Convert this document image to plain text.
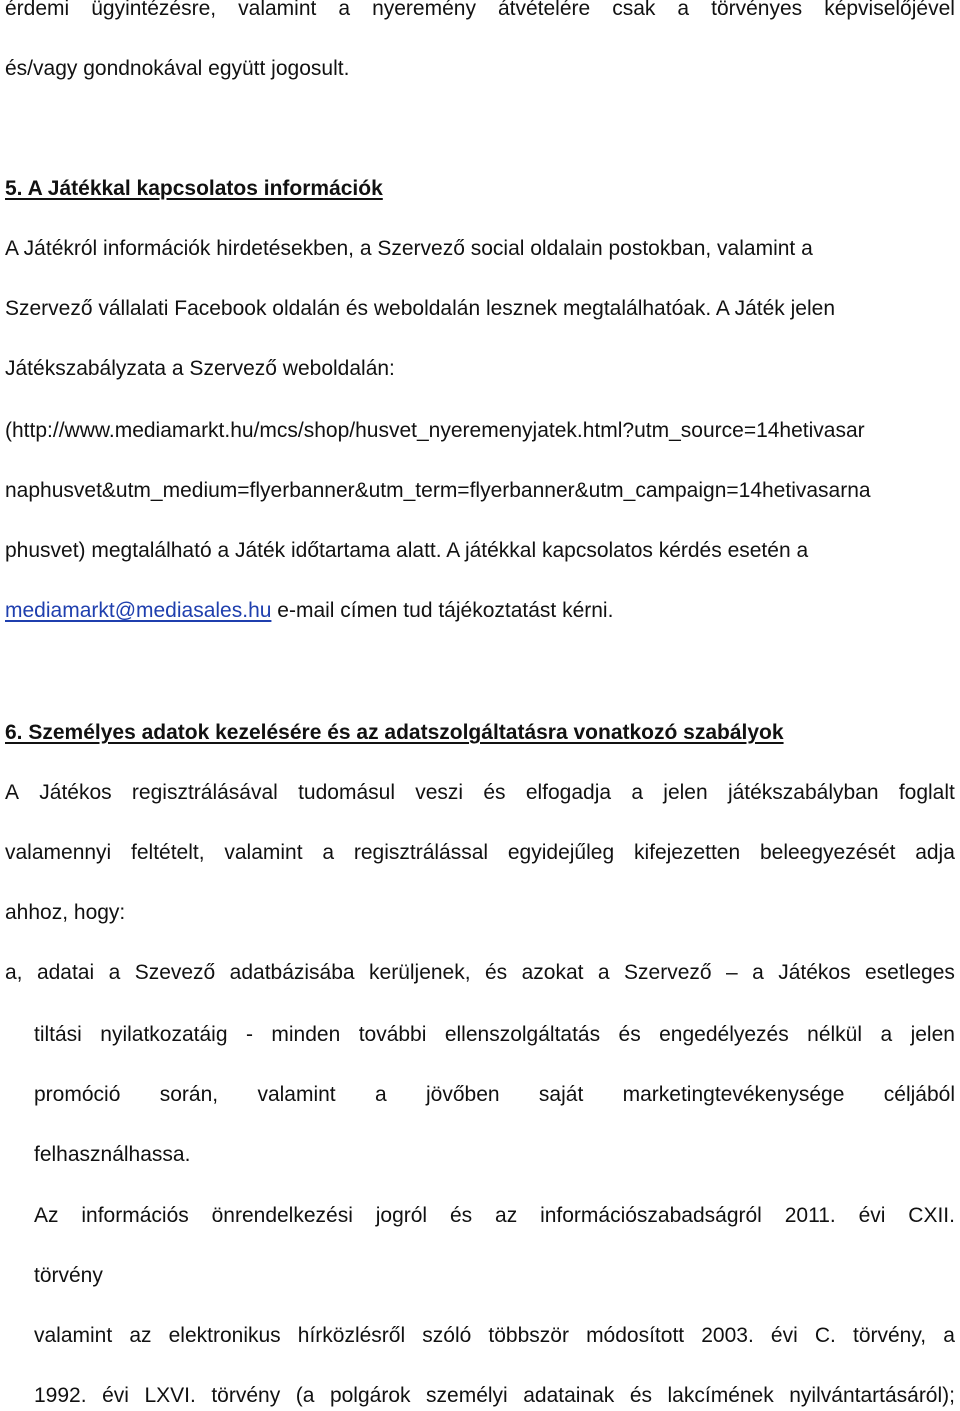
érdemi ügyintézésre, valamint a nyeremény átvételére csak a törvényes képviselőjével
és/vagy gondnokával együtt jogosult.
5. A Játékkal kapcsolatos információk
A Játékról információk hirdetésekben, a Szervező social oldalain postokban, valamint a
Szervező vállalati Facebook oldalán és weboldalán lesznek megtalálhatóak. A Játék jelen
Játékszabályzata a Szervező weboldalán:
(http://www.mediamarkt.hu/mcs/shop/husvet_nyeremenyjatek.html?utm_source=14hetivasar
naphusvet&utm_medium=flyerbanner&utm_term=flyerbanner&utm_campaign=14hetivasarna
phusvet) megtalálható a Játék időtartama alatt. A játékkal kapcsolatos kérdés esetén a
mediamarkt@mediasales.hu e-mail címen tud tájékoztatást kérni.
6. Személyes adatok kezelésére és az adatszolgáltatásra vonatkozó szabályok
A Játékos regisztrálásával tudomásul veszi és elfogadja a jelen játékszabályban foglalt
valamennyi feltételt, valamint a regisztrálással egyidejűleg kifejezetten beleegyezését adja
ahhoz, hogy:
a, adatai a Szevező adatbázisába kerüljenek, és azokat a Szervező – a Játékos esetleges
tiltási nyilatkozatáig - minden további ellenszolgáltatás és engedélyezés nélkül a jelen
promóció során, valamint a jövőben saját marketingtevékenysége céljából
felhasználhassa.
Az információs önrendelkezési jogról és az információszabadságról 2011. évi CXII.
törvény
valamint az elektronikus hírközlésről szóló többször módosított 2003. évi C. törvény, a
1992. évi LXVI. törvény (a polgárok személyi adatainak és lakcímének nyilvántartásáról);
